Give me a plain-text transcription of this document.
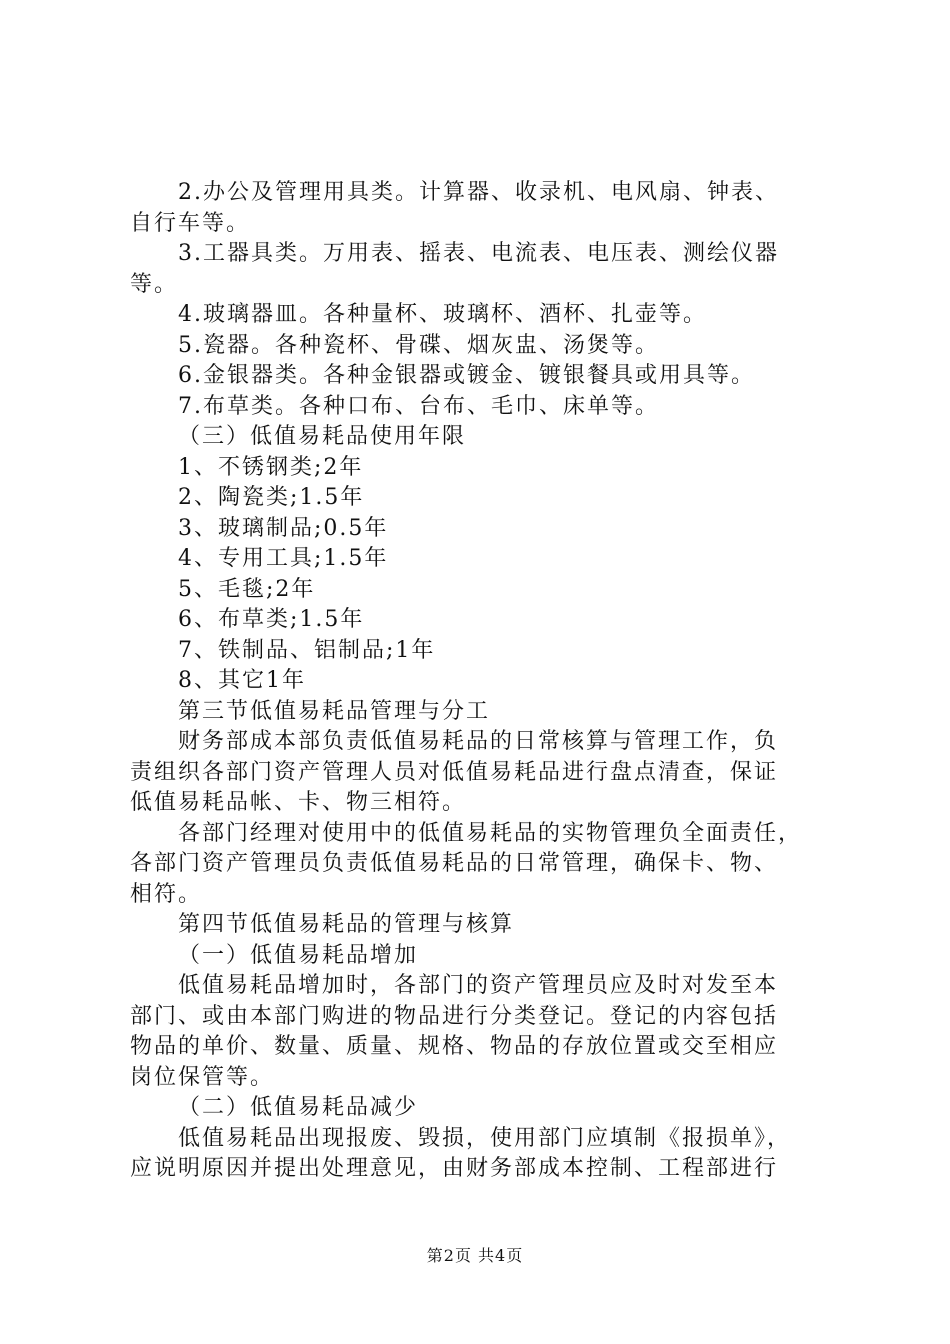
2.办公及管理用具类。计算器、收录机、电风扇、钟表、
自行车等。
3.工器具类。万用表、摇表、电流表、电压表、测绘仪器
等。
4.玻璃器皿。各种量杯、玻璃杯、酒杯、扎壶等。
5.瓷器。各种瓷杯、骨碟、烟灰盅、汤煲等。
6.金银器类。各种金银器或镀金、镀银餐具或用具等。
7.布草类。各种口布、台布、毛巾、床单等。
（三）低值易耗品使用年限
1、不锈钢类;2年
2、陶瓷类;1.5年
3、玻璃制品;0.5年
4、专用工具;1.5年
5、毛毯;2年
6、布草类;1.5年
7、铁制品、铝制品;1年
8、其它1年
第三节低值易耗品管理与分工
财务部成本部负责低值易耗品的日常核算与管理工作，负
责组织各部门资产管理人员对低值易耗品进行盘点清查，保证
低值易耗品帐、卡、物三相符。
各部门经理对使用中的低值易耗品的实物管理负全面责任，
各部门资产管理员负责低值易耗品的日常管理，确保卡、物、
相符。
第四节低值易耗品的管理与核算
（一）低值易耗品增加
低值易耗品增加时，各部门的资产管理员应及时对发至本
部门、或由本部门购进的物品进行分类登记。登记的内容包括
物品的单价、数量、质量、规格、物品的存放位置或交至相应
岗位保管等。
（二）低值易耗品减少
低值易耗品出现报废、毁损，使用部门应填制《报损单》，
应说明原因并提出处理意见，由财务部成本控制、工程部进行
第2页 共4页
